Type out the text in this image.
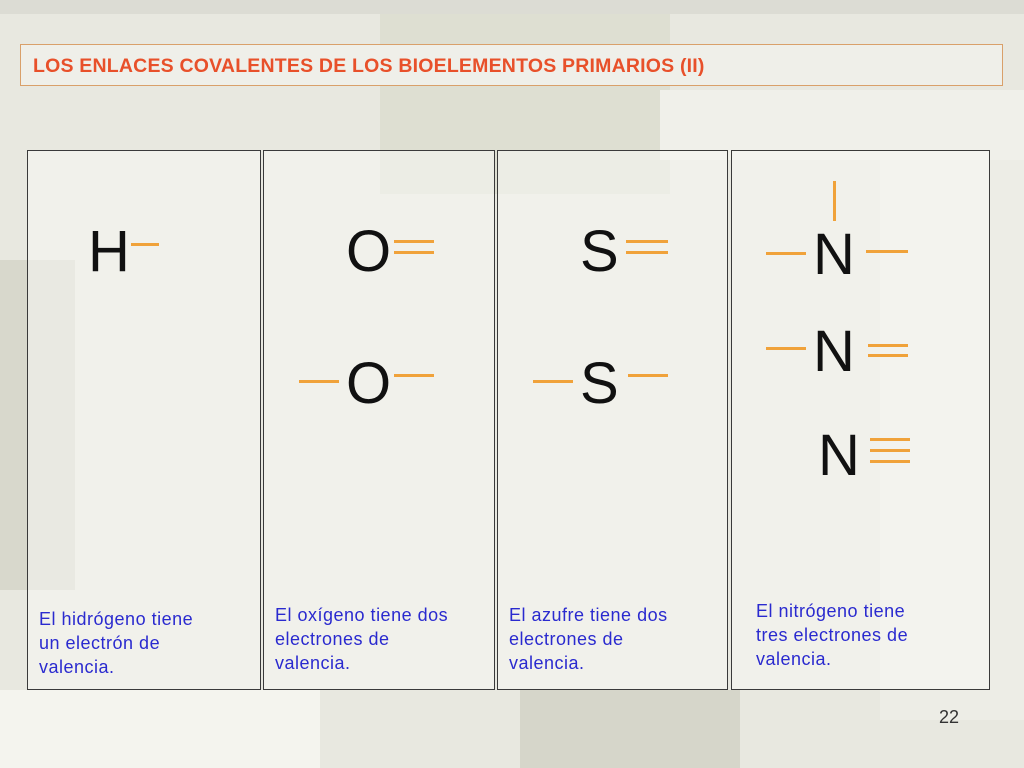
LOS ENLACES COVALENTES DE LOS BIOELEMENTOS PRIMARIOS (II)
H
El hidrógeno tiene
un electrón de
valencia.
O
O
El oxígeno tiene dos
electrones de
valencia.
S
S
El azufre tiene dos
electrones de
valencia.
N
N
N
El nitrógeno tiene
tres electrones de
valencia.
22
